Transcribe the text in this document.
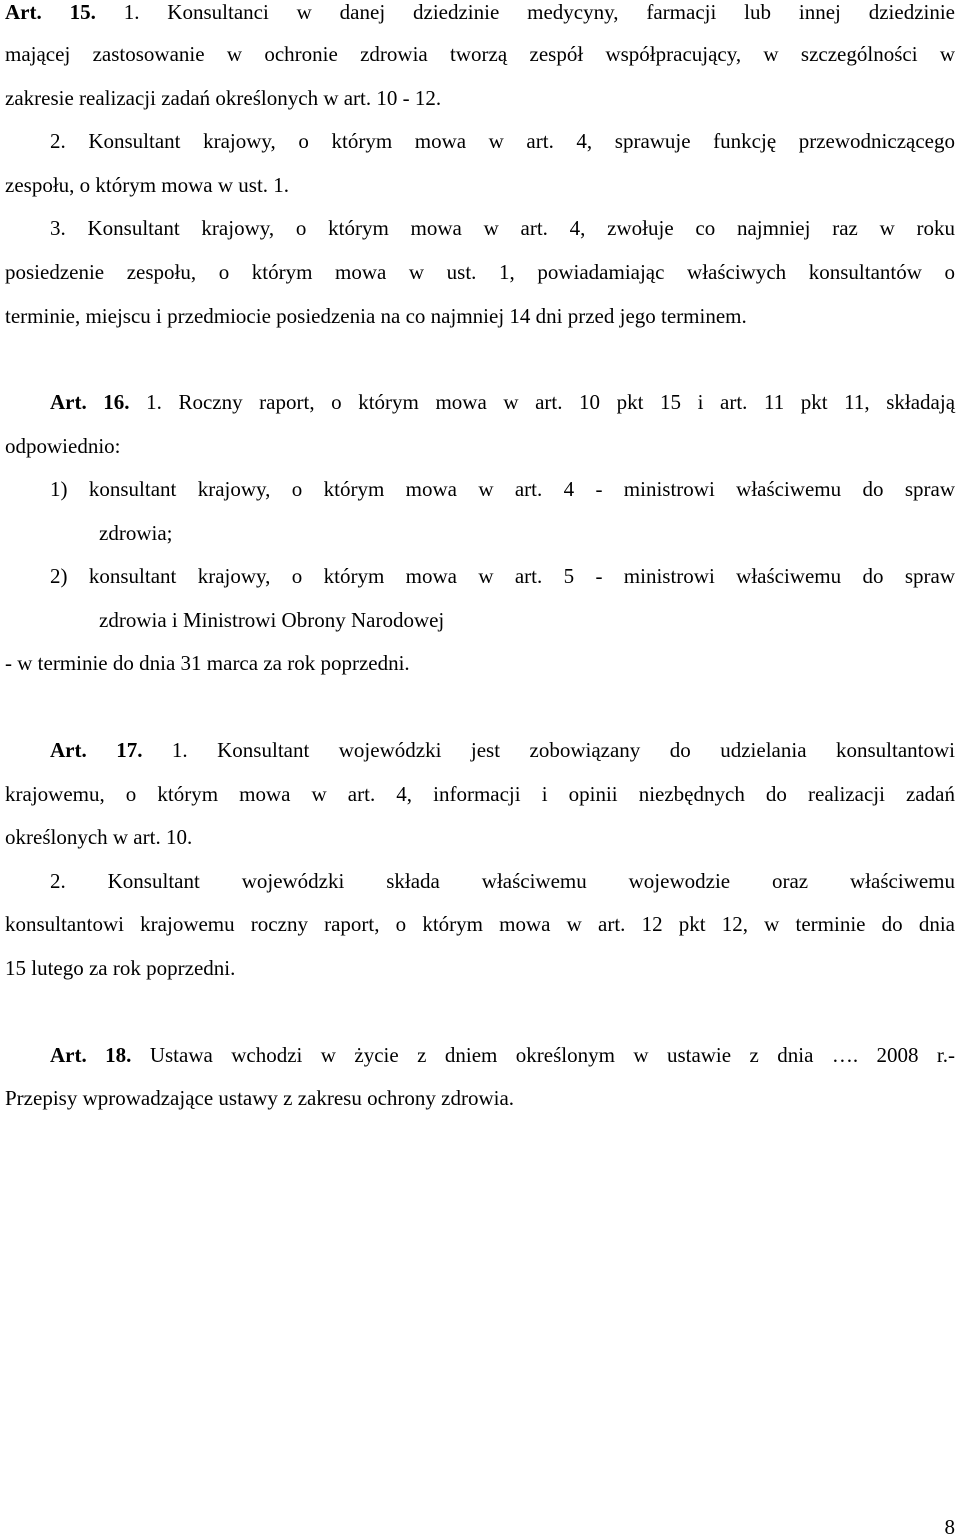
Art. 15. 1. Konsultanci w danej dziedzinie medycyny, farmacji lub innej dziedzinie
mającej zastosowanie w ochronie zdrowia tworzą zespół współpracujący, w szczególności w
zakresie realizacji zadań określonych w art. 10 - 12.
2. Konsultant krajowy, o którym mowa w art. 4, sprawuje funkcję przewodniczącego
zespołu, o którym mowa w ust. 1.
3. Konsultant krajowy, o którym mowa w art. 4, zwołuje co najmniej raz w roku
posiedzenie zespołu, o którym mowa w ust. 1, powiadamiając właściwych konsultantów o
terminie, miejscu i przedmiocie posiedzenia na co najmniej 14 dni przed jego terminem.
Art. 16. 1. Roczny raport, o którym mowa w art. 10 pkt 15 i art. 11 pkt 11, składają
odpowiednio:
1) konsultant krajowy, o którym mowa w art. 4 - ministrowi właściwemu do spraw
zdrowia;
2) konsultant krajowy, o którym mowa w art. 5 - ministrowi właściwemu do spraw
zdrowia i Ministrowi Obrony Narodowej
- w terminie do dnia 31 marca za rok poprzedni.
Art. 17. 1. Konsultant wojewódzki jest zobowiązany do udzielania konsultantowi
krajowemu, o którym mowa w art. 4, informacji i opinii niezbędnych do realizacji zadań
określonych w art. 10.
2. Konsultant wojewódzki składa właściwemu wojewodzie oraz właściwemu
konsultantowi krajowemu roczny raport, o którym mowa w art. 12 pkt 12, w terminie do dnia
15 lutego za rok poprzedni.
Art. 18. Ustawa wchodzi w życie z dniem określonym w ustawie z dnia …. 2008 r.-
Przepisy wprowadzające ustawy z zakresu ochrony zdrowia.
8
